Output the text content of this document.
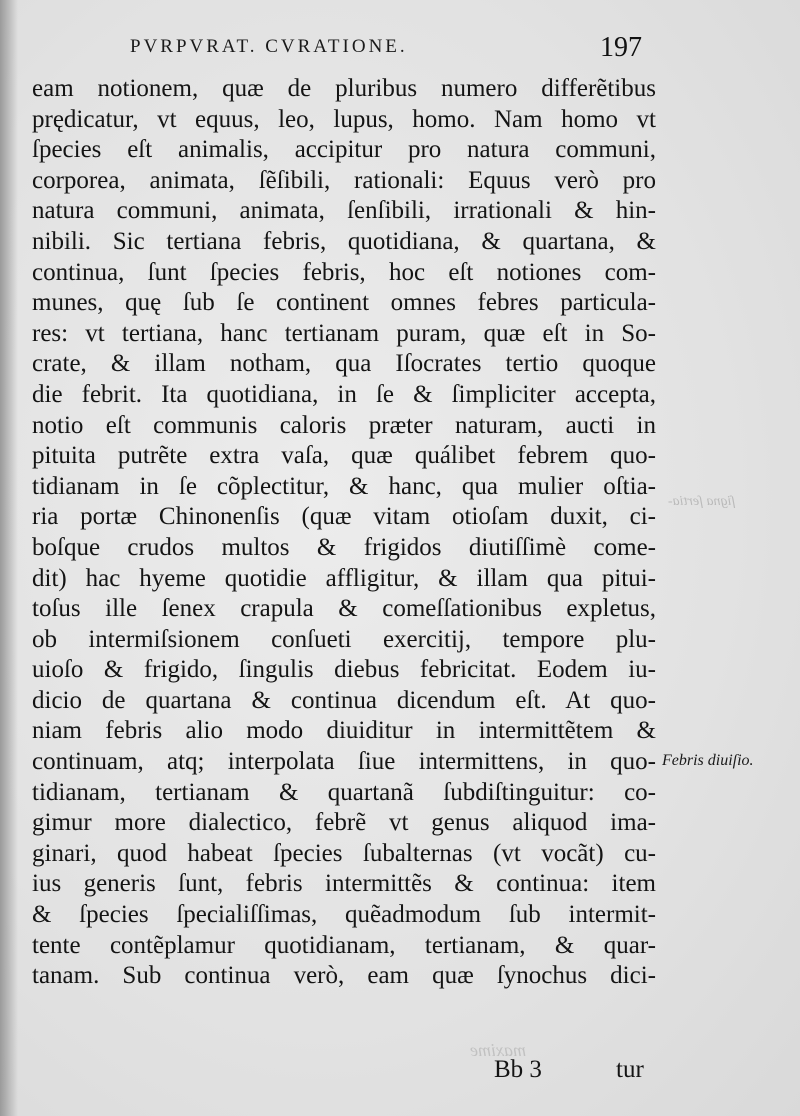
PVRPVRAT. CVRATIONE.	197
eam notionem, quæ de pluribus numero differẽtibus
prędicatur, vt equus, leo, lupus, homo. Nam homo vt
ſpecies eſt animalis, accipitur pro natura communi,
corporea, animata, ſẽſibili, rationali: Equus verò pro
natura communi, animata, ſenſibili, irrationali & hin-
nibili. Sic tertiana febris, quotidiana, & quartana, &
continua, ſunt ſpecies febris, hoc eſt notiones com-
munes, quę ſub ſe continent omnes febres particula-
res: vt tertiana, hanc tertianam puram, quæ eſt in So-
crate, & illam notham, qua Iſocrates tertio quoque
die febrit. Ita quotidiana, in ſe & ſimpliciter accepta,
notio eſt communis caloris præter naturam, aucti in
pituita putrẽte extra vaſa, quæ quálibet febrem quo-
tidianam in ſe cõplectitur, & hanc, qua mulier oſtia-
ria portæ Chinonenſis (quæ vitam otioſam duxit, ci-
boſque crudos multos & frigidos diutiſſimè come-
dit) hac hyeme quotidie affligitur, & illam qua pitui-
toſus ille ſenex crapula & comeſſationibus expletus,
ob intermiſsionem conſueti exercitij, tempore plu-
uioſo & frigido, ſingulis diebus febricitat. Eodem iu-
dicio de quartana & continua dicendum eſt. At quo-
niam febris alio modo diuiditur in intermittẽtem &
continuam, atq; interpolata ſiue intermittens, in quo-
tidianam, tertianam & quartanã ſubdiſtinguitur: co-
gimur more dialectico, febrẽ vt genus aliquod ima-
ginari, quod habeat ſpecies ſubalternas (vt vocãt) cu-
ius generis ſunt, febris intermittẽs & continua: item
& ſpecies ſpecialiſſimas, quẽadmodum ſub intermit-
tente contẽplamur quotidianam, tertianam, & quar-
tanam. Sub continua verò, eam quæ ſynochus dici-
ſigna ſertia-
Febris diuiſio.
maxime
Bb 3	tur
